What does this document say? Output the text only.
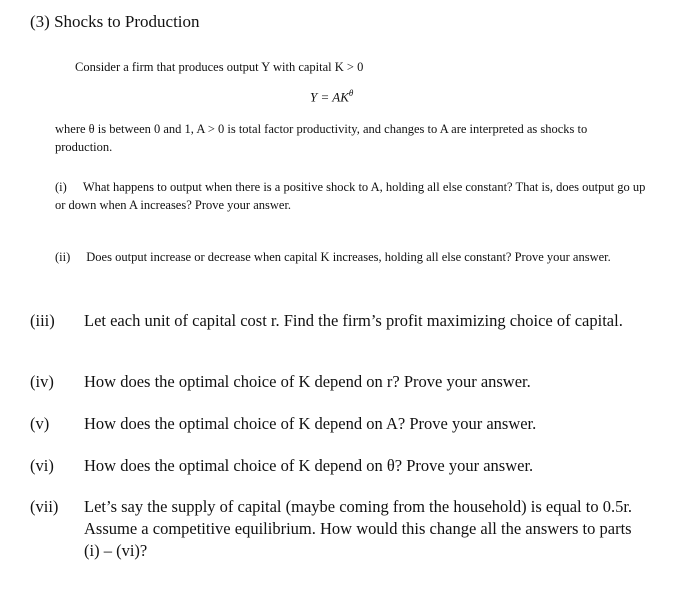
(3) Shocks to Production
Consider a firm that produces output Y with capital K > 0
$Y = AK^\theta$
where θ is between 0 and 1, A > 0 is total factor productivity, and changes to A are interpreted as shocks to production.
(i) What happens to output when there is a positive shock to A, holding all else constant? That is, does output go up or down when A increases? Prove your answer.
(ii) Does output increase or decrease when capital K increases, holding all else constant? Prove your answer.
(iii)	Let each unit of capital cost r. Find the firm’s profit maximizing choice of capital.
(iv)	How does the optimal choice of K depend on r? Prove your answer.
(v)	How does the optimal choice of K depend on A? Prove your answer.
(vi)	How does the optimal choice of K depend on θ? Prove your answer.
(vii)	Let’s say the supply of capital (maybe coming from the household) is equal to 0.5r. Assume a competitive equilibrium. How would this change all the answers to parts (i) – (vi)?
